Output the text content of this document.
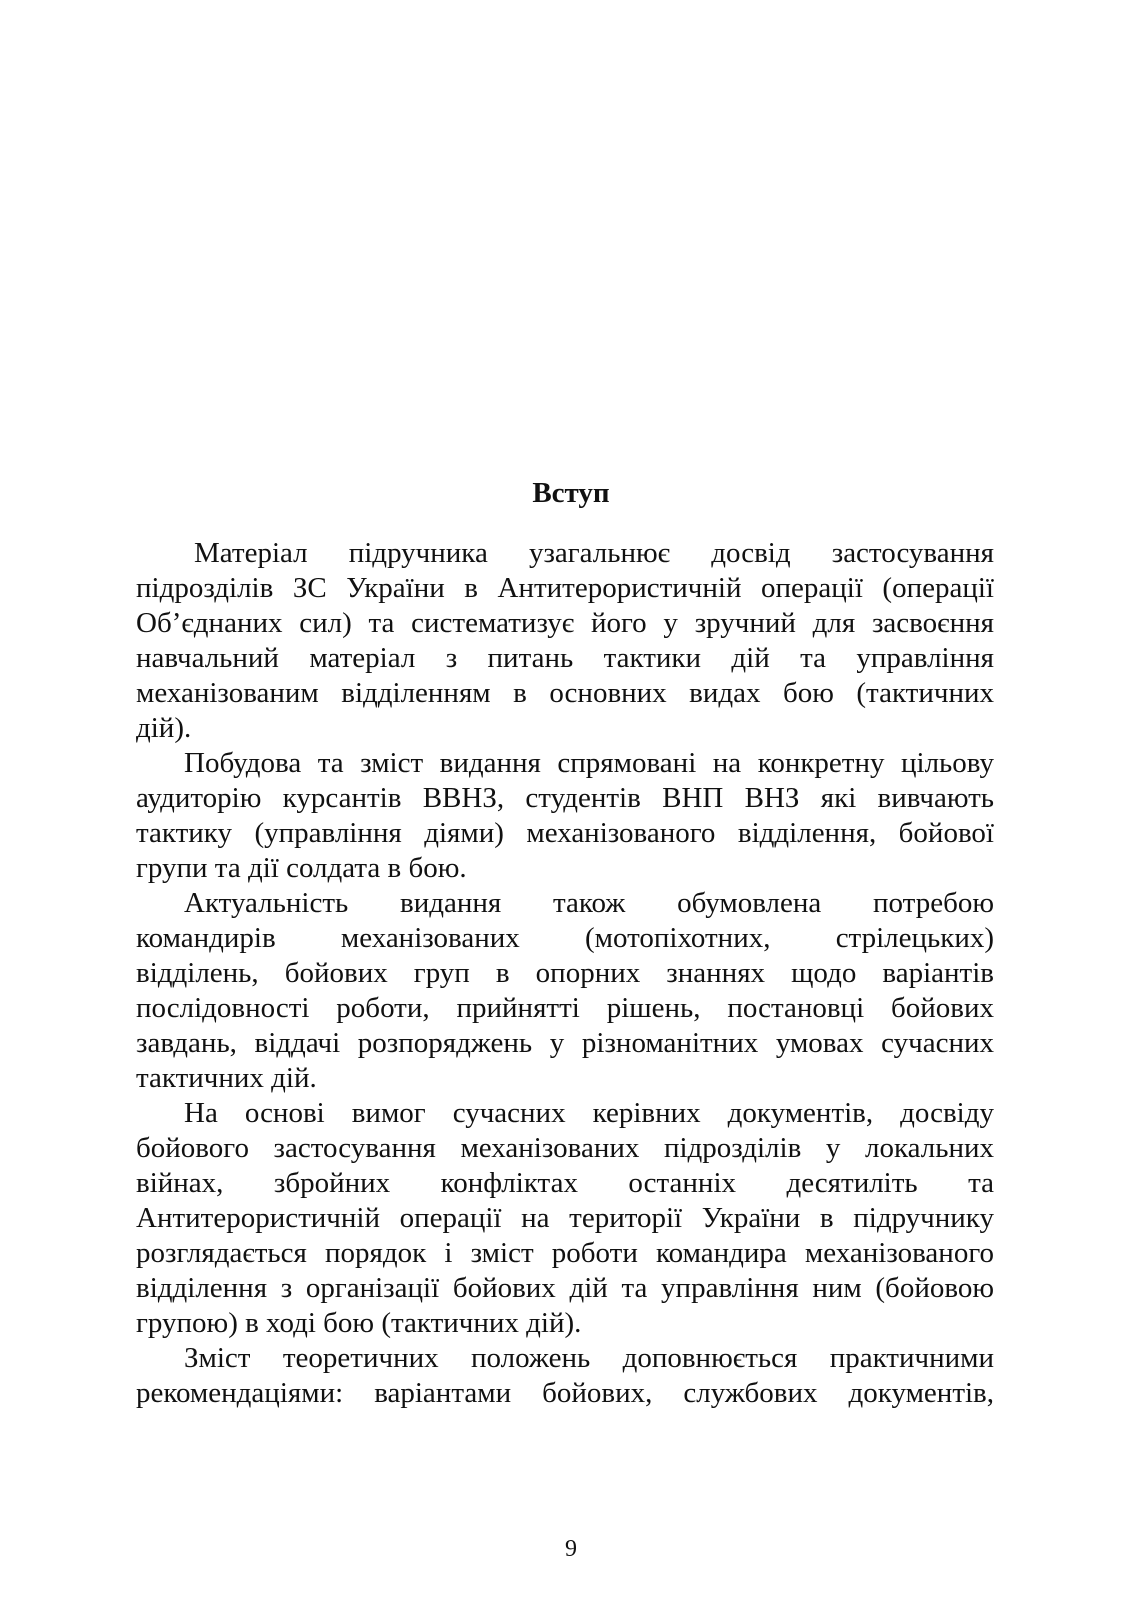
Вступ
Матеріал підручника узагальнює досвід застосування
підрозділів ЗС України в Антитерористичній операції (операції
Об’єднаних сил) та систематизує його у зручний для засвоєння
навчальний матеріал з питань тактики дій та управління
механізованим відділенням в основних видах бою (тактичних
дій).
Побудова та зміст видання спрямовані на конкретну цільову
аудиторію курсантів ВВНЗ, студентів ВНП ВНЗ які вивчають
тактику (управління діями) механізованого відділення, бойової
групи та дії солдата в бою.
Актуальність видання також обумовлена потребою
командирів механізованих (мотопіхотних, стрілецьких)
відділень, бойових груп в опорних знаннях щодо варіантів
послідовності роботи, прийнятті рішень, постановці бойових
завдань, віддачі розпоряджень у різноманітних умовах сучасних
тактичних дій.
На основі вимог сучасних керівних документів, досвіду
бойового застосування механізованих підрозділів у локальних
війнах, збройних конфліктах останніх десятиліть та
Антитерористичній операції на території України в підручнику
розглядається порядок і зміст роботи командира механізованого
відділення з організації бойових дій та управління ним (бойовою
групою) в ході бою (тактичних дій).
Зміст теоретичних положень доповнюється практичними
рекомендаціями: варіантами бойових, службових документів,
9
